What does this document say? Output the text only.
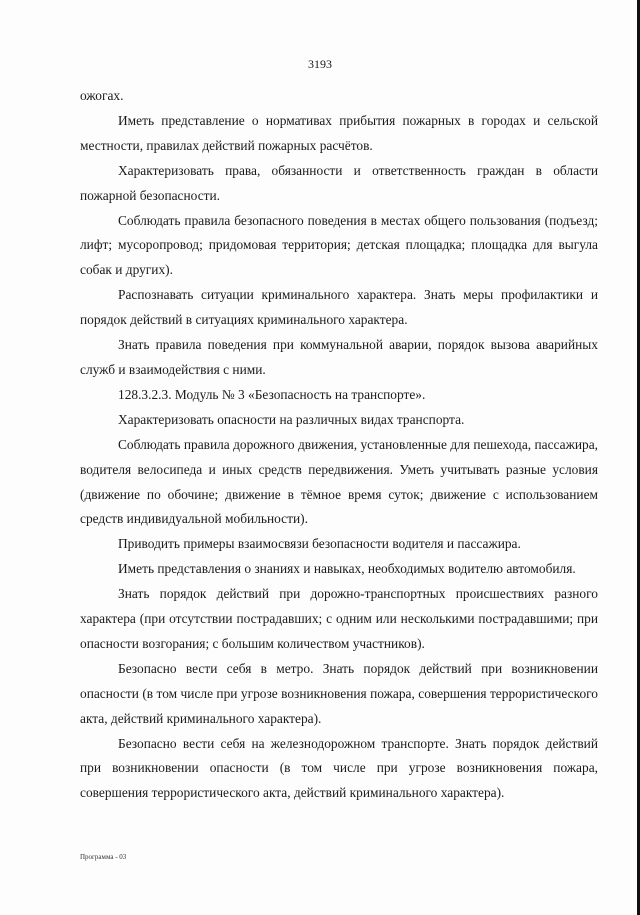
3193

ожогах.

Иметь представление о нормативах прибытия пожарных в городах и сельской местности, правилах действий пожарных расчётов.

Характеризовать права, обязанности и ответственность граждан в области пожарной безопасности.

Соблюдать правила безопасного поведения в местах общего пользования (подъезд; лифт; мусоропровод; придомовая территория; детская площадка; площадка для выгула собак и других).

Распознавать ситуации криминального характера. Знать меры профилактики и порядок действий в ситуациях криминального характера.

Знать правила поведения при коммунальной аварии, порядок вызова аварийных служб и взаимодействия с ними.

128.3.2.3. Модуль № 3 «Безопасность на транспорте».

Характеризовать опасности на различных видах транспорта.

Соблюдать правила дорожного движения, установленные для пешехода, пассажира, водителя велосипеда и иных средств передвижения. Уметь учитывать разные условия (движение по обочине; движение в тёмное время суток; движение с использованием средств индивидуальной мобильности).

Приводить примеры взаимосвязи безопасности водителя и пассажира.

Иметь представления о знаниях и навыках, необходимых водителю автомобиля.

Знать порядок действий при дорожно-транспортных происшествиях разного характера (при отсутствии пострадавших; с одним или несколькими пострадавшими; при опасности возгорания; с большим количеством участников).

Безопасно вести себя в метро. Знать порядок действий при возникновении опасности (в том числе при угрозе возникновения пожара, совершения террористического акта, действий криминального характера).

Безопасно вести себя на железнодорожном транспорте. Знать порядок действий при возникновении опасности (в том числе при угрозе возникновения пожара, совершения террористического акта, действий криминального характера).

Программа - 03
